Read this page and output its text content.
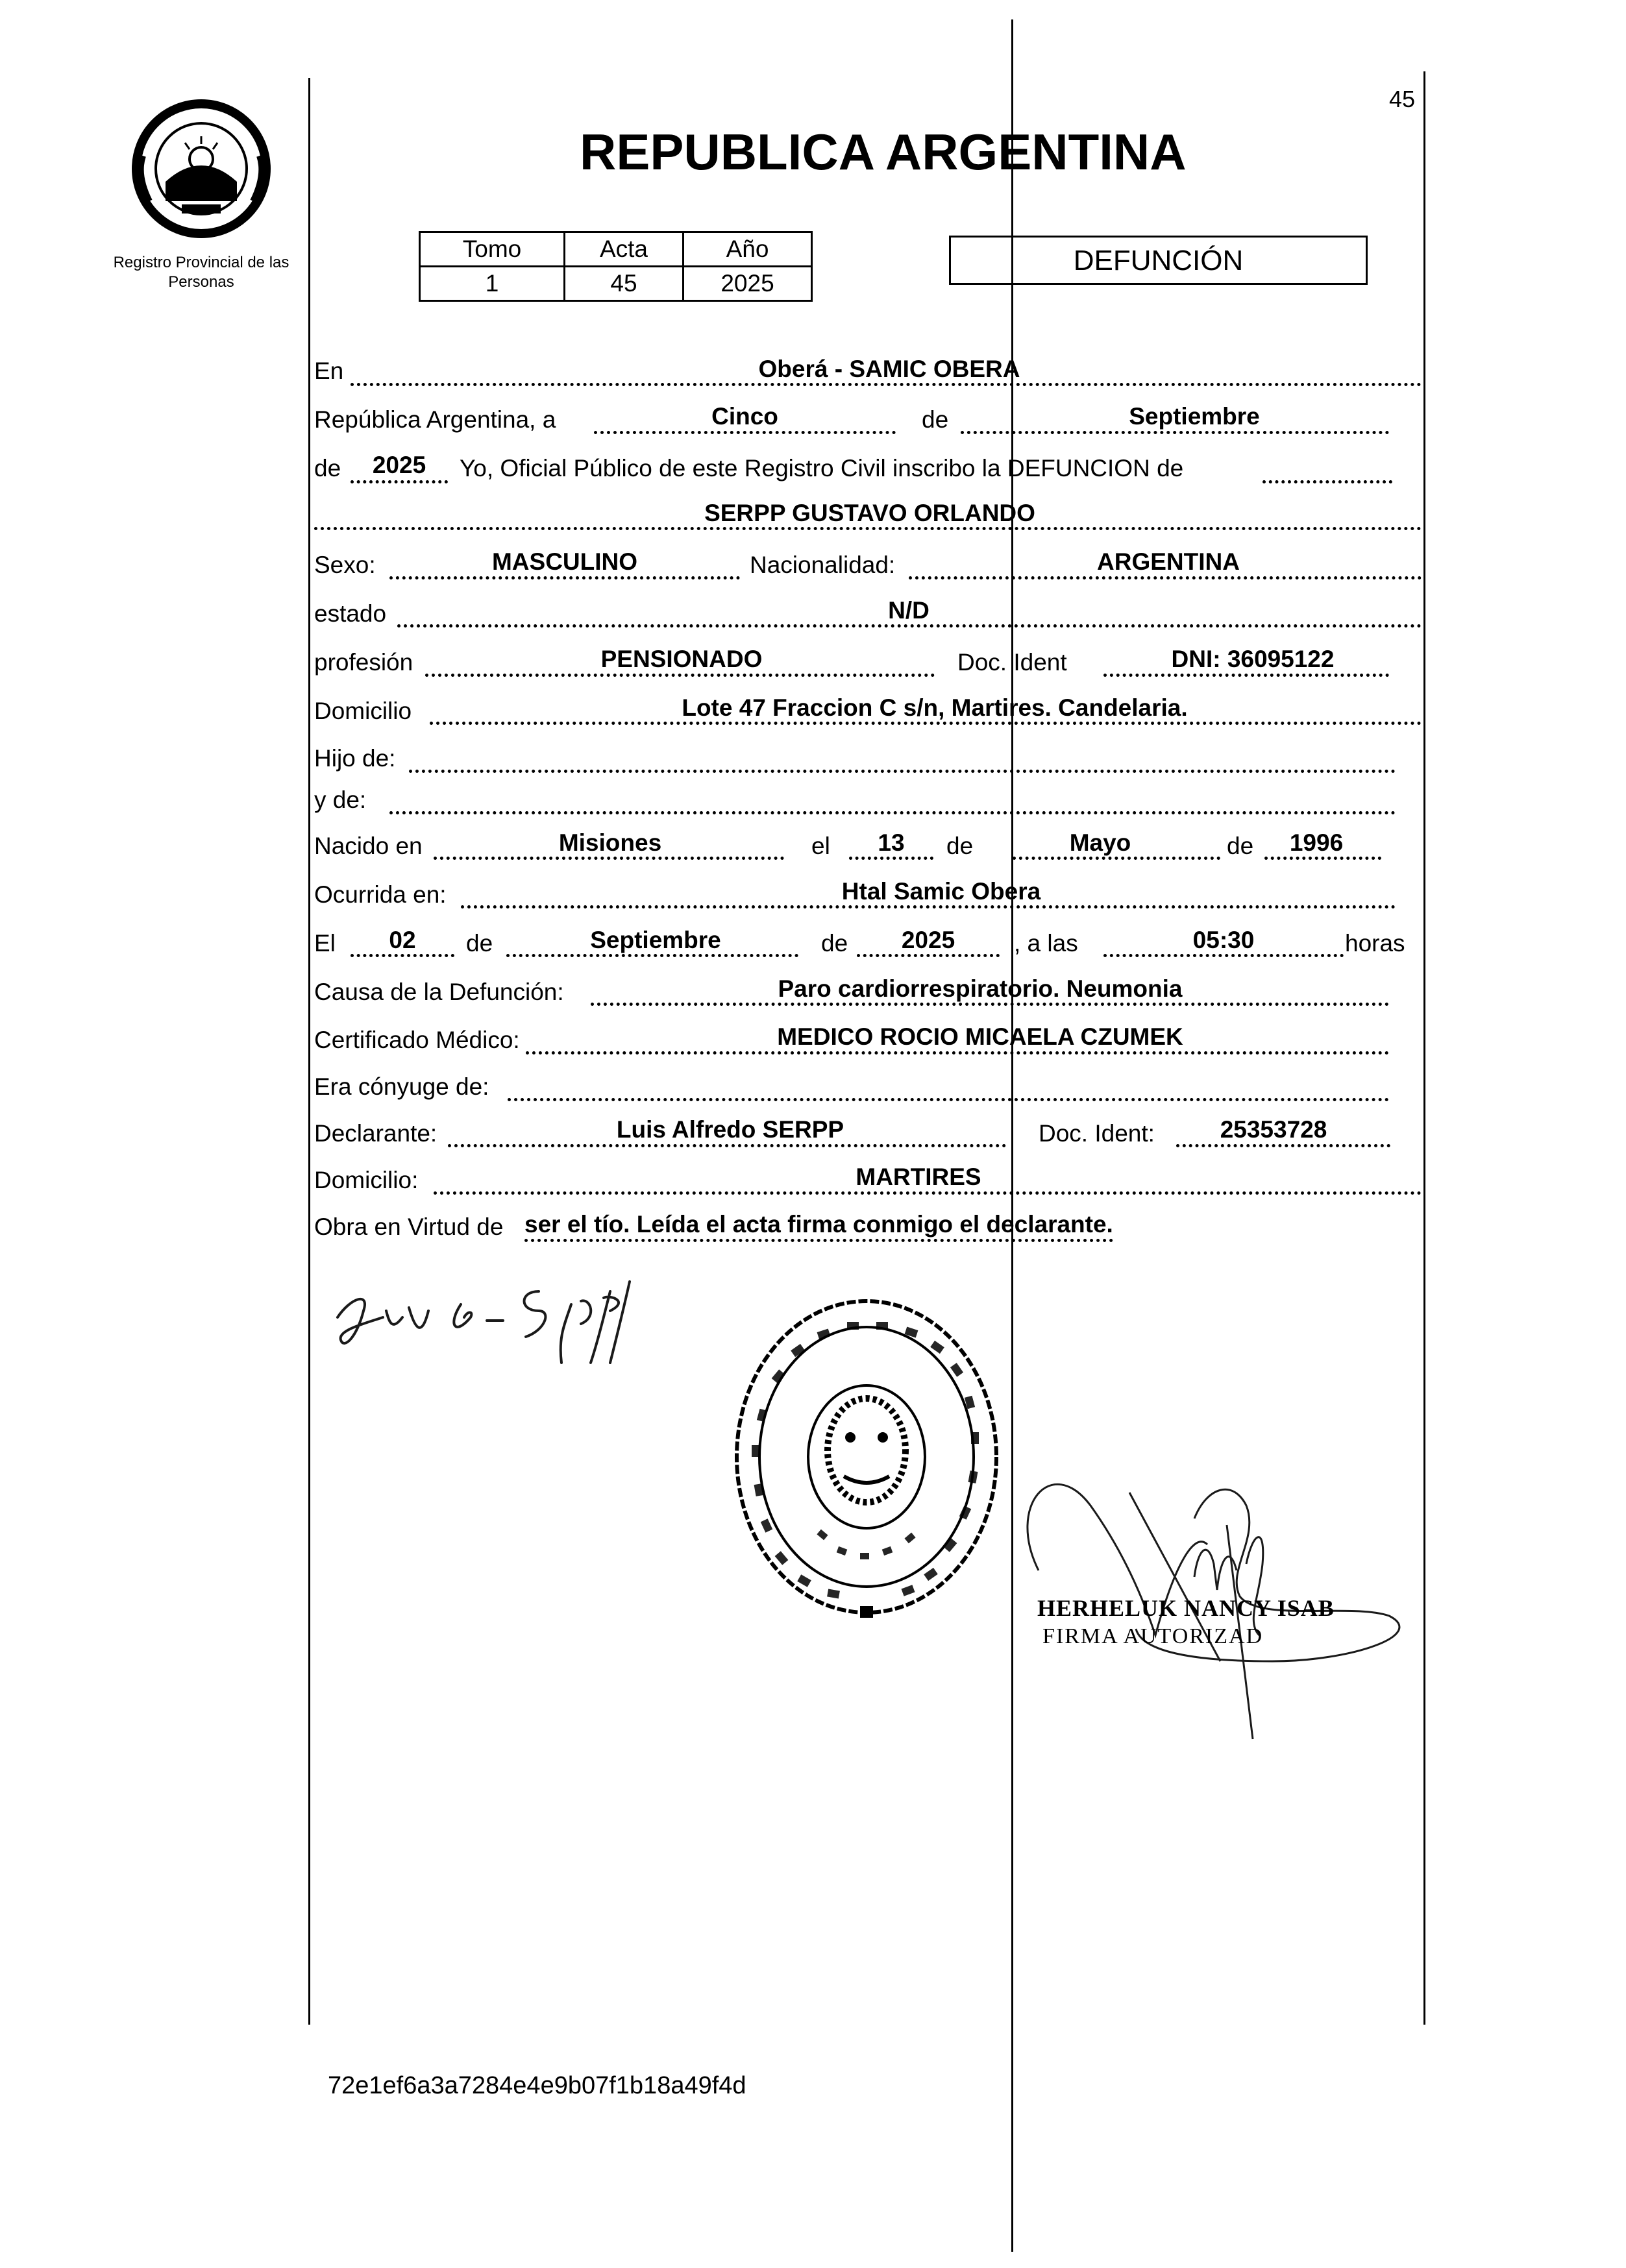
45
Registro Provincial de las Personas
REPUBLICA ARGENTINA
Tomo	Acta	Año
1	45	2025
DEFUNCIÓN
En	Oberá - SAMIC OBERA
República Argentina, a	Cinco	de	Septiembre
de	2025	Yo, Oficial Público de este Registro Civil inscribo la DEFUNCION de
SERPP GUSTAVO ORLANDO
Sexo:	MASCULINO	Nacionalidad:	ARGENTINA
estado	N/D
profesión	PENSIONADO	Doc. Ident	DNI: 36095122
Domicilio	Lote 47 Fraccion C s/n, Martires. Candelaria.
Hijo de:
y de:
Nacido en	Misiones	el	13	de	Mayo	de	1996
Ocurrida en:	Htal Samic Obera
El	02	de	Septiembre	de	2025	, a las	05:30	horas
Causa de la Defunción:	Paro cardiorrespiratorio. Neumonia
Certificado Médico:	MEDICO ROCIO MICAELA CZUMEK
Era cónyuge de:
Declarante:	Luis Alfredo SERPP	Doc. Ident:	25353728
Domicilio:	MARTIRES
Obra en Virtud de ser el tío. Leída el acta firma conmigo el declarante.
HERHELUK NANCY ISAB
FIRMA AUTORIZAD
72e1ef6a3a7284e4e9b07f1b18a49f4d
